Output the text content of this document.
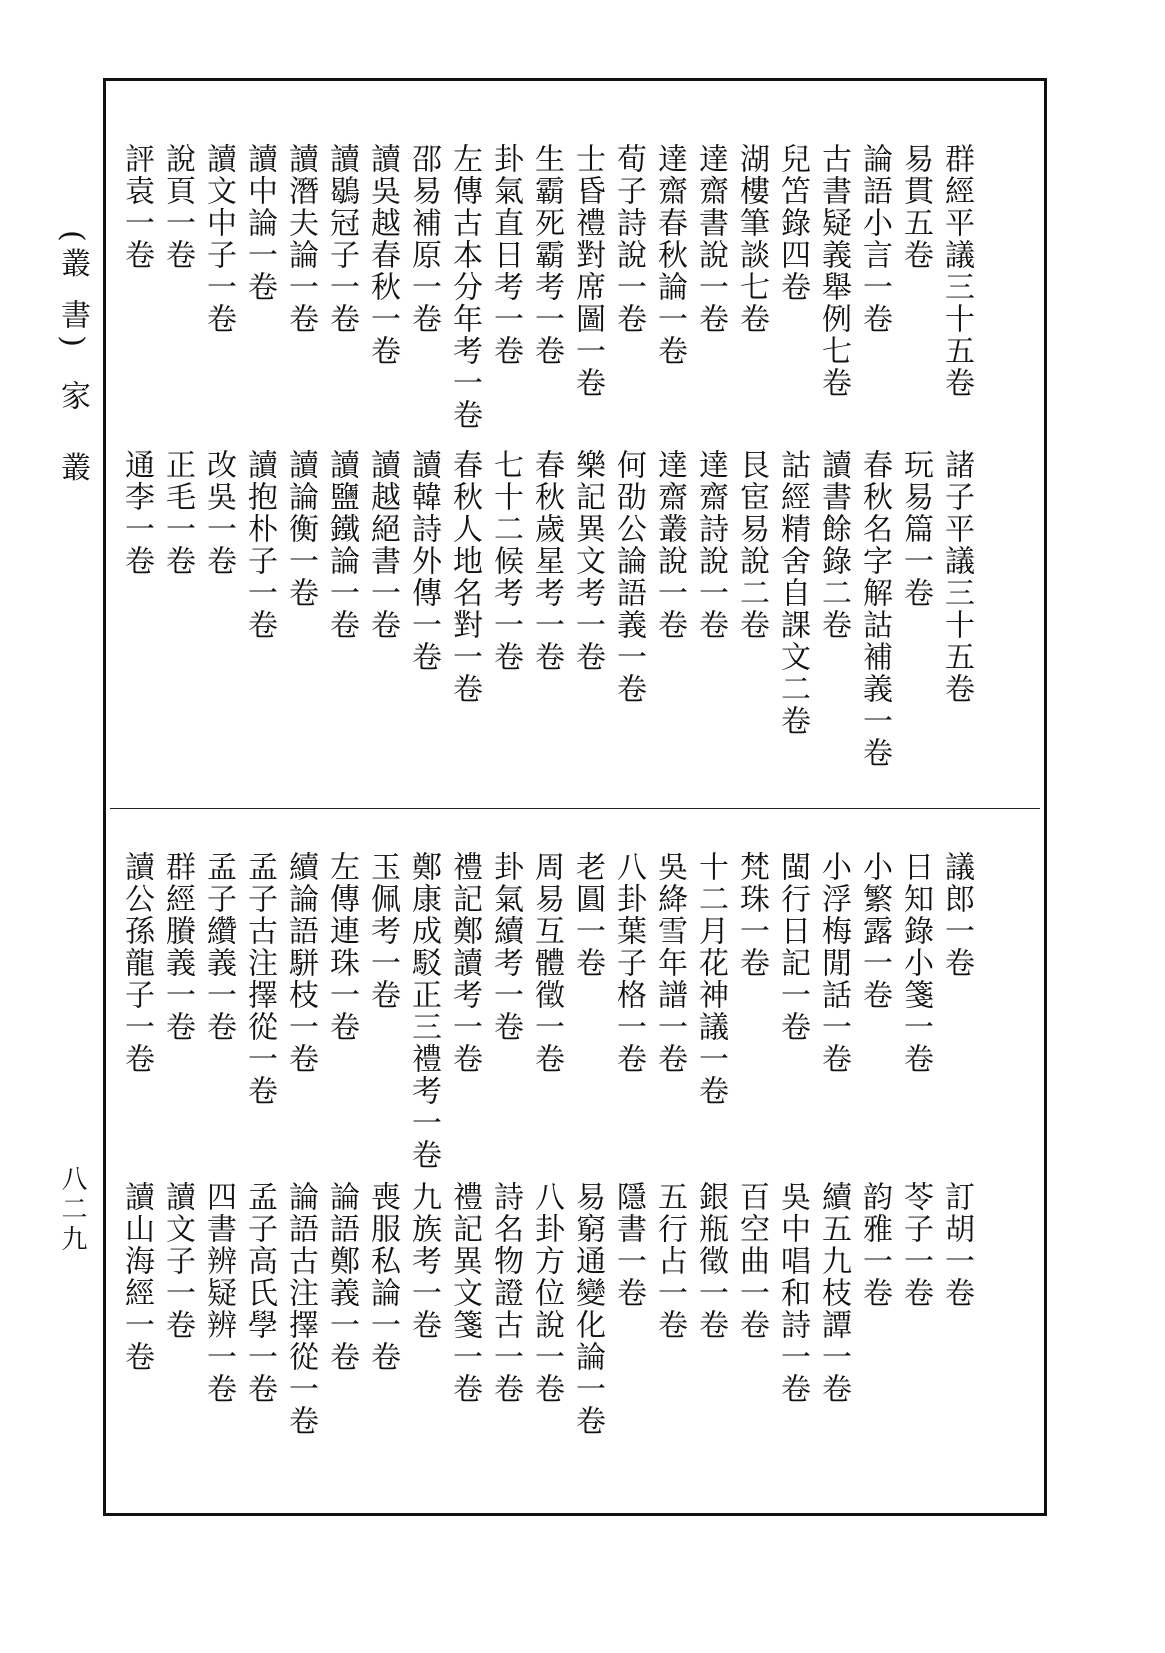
(叢 書)
家 叢
八二九
群經平議三十五卷
諸子平議三十五卷
易貫五卷
玩易篇一卷
論語小言一卷
春秋名字解詁補義一卷
古書疑義舉例七卷
讀書餘錄二卷
兒笘錄四卷
詁經精舍自課文二卷
湖樓筆談七卷
艮宦易說二卷
達齋書說一卷
達齋詩說一卷
達齋春秋論一卷
達齋叢說一卷
荀子詩說一卷
何劭公論語義一卷
士昏禮對席圖一卷
樂記異文考一卷
生霸死霸考一卷
春秋歲星考一卷
卦氣直日考一卷
七十二候考一卷
左傳古本分年考一卷
春秋人地名對一卷
邵易補原一卷
讀韓詩外傳一卷
讀吳越春秋一卷
讀越絕書一卷
讀鶡冠子一卷
讀鹽鐵論一卷
讀潛夫論一卷
讀論衡一卷
讀中論一卷
讀抱朴子一卷
讀文中子一卷
改吳一卷
說頁一卷
正毛一卷
評袁一卷
通李一卷
議郎一卷
訂胡一卷
日知錄小箋一卷
苓子一卷
小繁露一卷
韵雅一卷
小浮梅閒話一卷
續五九枝譚一卷
閩行日記一卷
吳中唱和詩一卷
梵珠一卷
百空曲一卷
十二月花神議一卷
銀瓶徵一卷
吳絳雪年譜一卷
五行占一卷
八卦葉子格一卷
隱書一卷
老圓一卷
易窮通變化論一卷
周易互體徵一卷
八卦方位說一卷
卦氣續考一卷
詩名物證古一卷
禮記鄭讀考一卷
禮記異文箋一卷
鄭康成駁正三禮考一卷
九族考一卷
玉佩考一卷
喪服私論一卷
左傳連珠一卷
論語鄭義一卷
續論語駢枝一卷
論語古注擇從一卷
孟子古注擇從一卷
孟子高氏學一卷
孟子纘義一卷
四書辨疑辨一卷
群經賸義一卷
讀文子一卷
讀公孫龍子一卷
讀山海經一卷
